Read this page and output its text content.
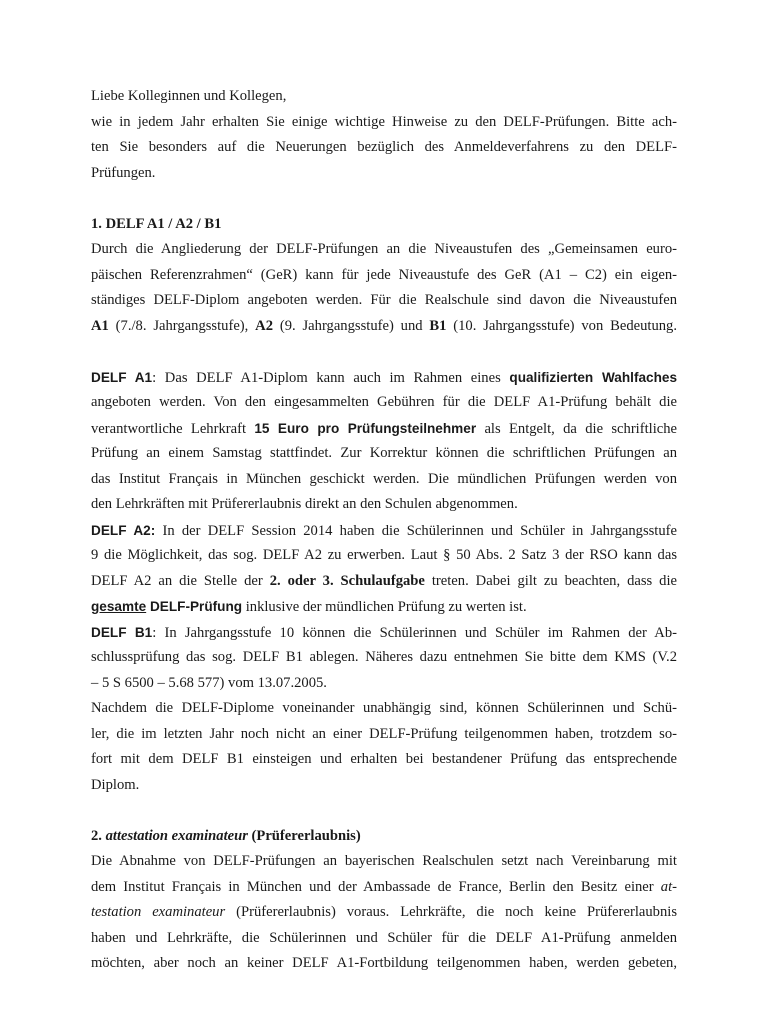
Liebe Kolleginnen und Kollegen,
wie in jedem Jahr erhalten Sie einige wichtige Hinweise zu den DELF-Prüfungen. Bitte ach-
ten Sie besonders auf die Neuerungen bezüglich des Anmeldeverfahrens zu den DELF-
Prüfungen.
1. DELF A1 / A2 / B1
Durch die Angliederung der DELF-Prüfungen an die Niveaustufen des „Gemeinsamen euro-
päischen Referenzrahmen“ (GeR) kann für jede Niveaustufe des GeR (A1 – C2) ein eigen-
ständiges DELF-Diplom angeboten werden. Für die Realschule sind davon die Niveaustufen
A1 (7./8. Jahrgangsstufe), A2 (9. Jahrgangsstufe) und B1 (10. Jahrgangsstufe) von Bedeutung.
DELF A1: Das DELF A1-Diplom kann auch im Rahmen eines qualifizierten Wahlfaches
angeboten werden. Von den eingesammelten Gebühren für die DELF A1-Prüfung behält die
verantwortliche Lehrkraft 15 Euro pro Prüfungsteilnehmer als Entgelt, da die schriftliche
Prüfung an einem Samstag stattfindet. Zur Korrektur können die schriftlichen Prüfungen an
das Institut Français in München geschickt werden. Die mündlichen Prüfungen werden von
den Lehrkräften mit Prüfererlaubnis direkt an den Schulen abgenommen.
DELF A2: In der DELF Session 2014 haben die Schülerinnen und Schüler in Jahrgangsstufe
9 die Möglichkeit, das sog. DELF A2 zu erwerben. Laut § 50 Abs. 2 Satz 3 der RSO kann das
DELF A2 an die Stelle der 2. oder 3. Schulaufgabe treten. Dabei gilt zu beachten, dass die
gesamte DELF-Prüfung inklusive der mündlichen Prüfung zu werten ist.
DELF B1: In Jahrgangsstufe 10 können die Schülerinnen und Schüler im Rahmen der Ab-
schlussprüfung das sog. DELF B1 ablegen. Näheres dazu entnehmen Sie bitte dem KMS (V.2
– 5 S 6500 – 5.68 577) vom 13.07.2005.
Nachdem die DELF-Diplome voneinander unabhängig sind, können Schülerinnen und Schü-
ler, die im letzten Jahr noch nicht an einer DELF-Prüfung teilgenommen haben, trotzdem so-
fort mit dem DELF B1 einsteigen und erhalten bei bestandener Prüfung das entsprechende
Diplom.
2. attestation examinateur (Prüfererlaubnis)
Die Abnahme von DELF-Prüfungen an bayerischen Realschulen setzt nach Vereinbarung mit
dem Institut Français in München und der Ambassade de France, Berlin den Besitz einer at-
testation examinateur (Prüfererlaubnis) voraus. Lehrkräfte, die noch keine Prüfererlaubnis
haben und Lehrkräfte, die Schülerinnen und Schüler für die DELF A1-Prüfung anmelden
möchten, aber noch an keiner DELF A1-Fortbildung teilgenommen haben, werden gebeten,
